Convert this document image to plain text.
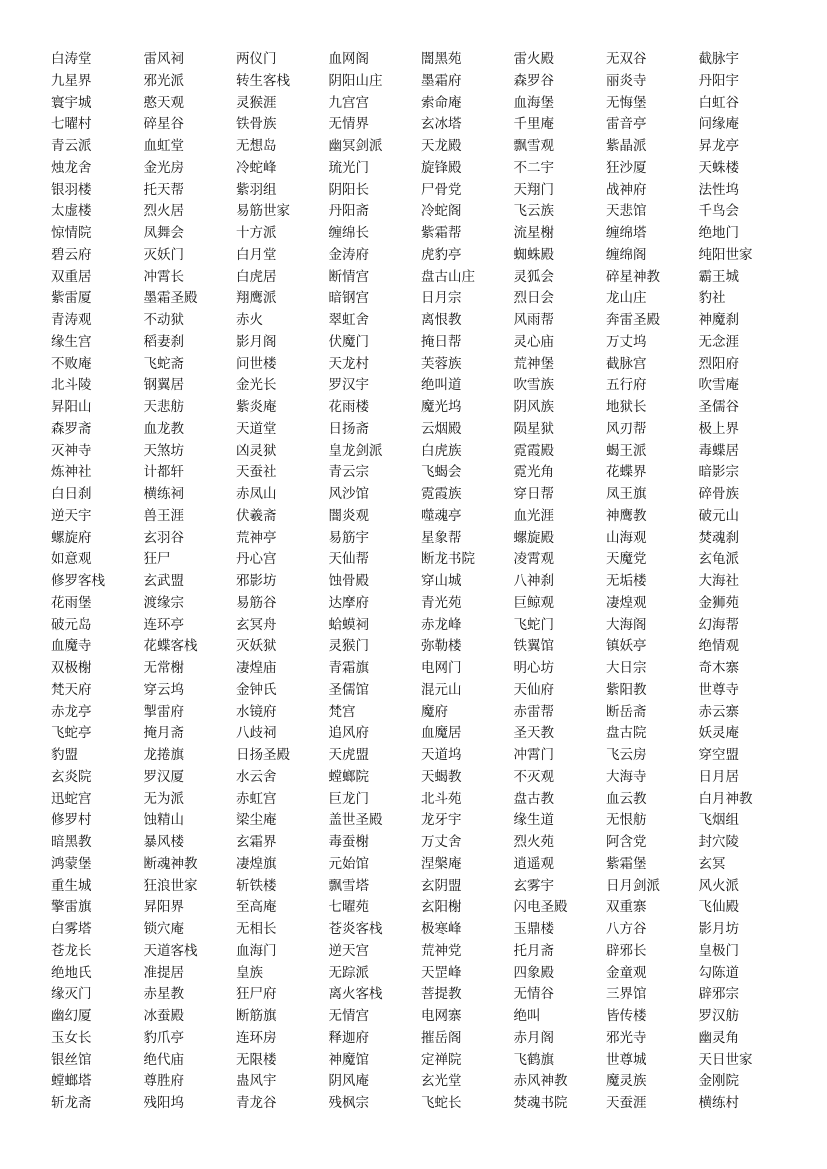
白涛堂	雷风祠	两仪门	血网阁	闇黑苑	雷火殿	无双谷	截脉宇
九星界	邪光派	转生客栈	阴阳山庄	墨霜府	森罗谷	丽炎寺	丹阳宇
寰宇城	憨天观	灵猴涯	九宫宫	索命庵	血海堡	无悔堡	白虹谷
七曜村	碎星谷	铁骨族	无情界	玄冰塔	千里庵	雷音亭	问缘庵
青云派	血虹堂	无想岛	幽冥剑派	天龙殿	飘雪观	紫晶派	昇龙亭
烛龙舍	金光房	冷蛇峰	琉光门	旋锋殿	不二宇	狂沙厦	天蛛楼
银羽楼	托天帮	紫羽组	阴阳长	尸骨党	天翔门	战神府	法性坞
太虚楼	烈火居	易筋世家	丹阳斋	冷蛇阁	飞云族	天悲馆	千鸟会
惊情院	凤舞会	十方派	缠绵长	紫霜帮	流星榭	缠绵塔	绝地门
碧云府	灭妖门	白月堂	金涛府	虎豹亭	蜘蛛殿	缠绵阁	纯阳世家
双重居	冲霄长	白虎居	断情宫	盘古山庄	灵狐会	碎星神教	霸王城
紫雷厦	墨霜圣殿	翔鹰派	暗钢宫	日月宗	烈日会	龙山庄	豹社
青涛观	不动狱	赤火	翠虹舍	离恨教	风雨帮	奔雷圣殿	神魔刹
缘生宫	稻妻刹	影月阁	伏魔门	掩日帮	灵心庙	万丈坞	无念涯
不败庵	飞蛇斋	问世楼	天龙村	芙蓉族	荒神堡	截脉宫	烈阳府
北斗陵	钢翼居	金光长	罗汉宇	绝叫道	吹雪族	五行府	吹雪庵
昇阳山	天悲舫	紫炎庵	花雨楼	魔光坞	阴风族	地狱长	圣儒谷
森罗斋	血龙教	天道堂	日扬斋	云烟殿	陨星狱	风刃帮	极上界
灭神寺	天煞坊	凶灵狱	皇龙剑派	白虎族	霓霞殿	蝎王派	毒蝶居
炼神社	计都轩	天蚕社	青云宗	飞蝎会	霓光角	花蝶界	暗影宗
白日刹	横练祠	赤凤山	风沙馆	霓霞族	穿日帮	凤王旗	碎骨族
逆天宇	兽王涯	伏羲斋	闇炎观	噬魂亭	血光涯	神鹰教	破元山
螺旋府	玄羽谷	荒神亭	易筋宇	星象帮	螺旋殿	山海观	焚魂刹
如意观	狂尸	丹心宫	天仙帮	断龙书院	凌霄观	天魔党	玄龟派
修罗客栈	玄武盟	邪影坊	蚀骨殿	穿山城	八神刹	无垢楼	大海社
花雨堡	渡缘宗	易筋谷	达摩府	青光苑	巨鲸观	凄煌观	金狮苑
破元岛	连环亭	玄冥舟	蛤蟆祠	赤龙峰	飞蛇门	大海阁	幻海帮
血魔寺	花蝶客栈	灭妖狱	灵猴门	弥勒楼	铁翼馆	镇妖亭	绝情观
双极榭	无常榭	凄煌庙	青霜旗	电网门	明心坊	大日宗	奇木寨
梵天府	穿云坞	金钟氏	圣儒馆	混元山	天仙府	紫阳教	世尊寺
赤龙亭	掣雷府	水镜府	梵宫	魔府	赤雷帮	断岳斋	赤云寨
飞蛇亭	掩月斋	八歧祠	追风府	血魔居	圣天教	盘古院	妖灵庵
豹盟	龙捲旗	日扬圣殿	天虎盟	天道坞	冲霄门	飞云房	穿空盟
玄炎院	罗汉厦	水云舍	螳螂院	天蝎教	不灭观	大海寺	日月居
迅蛇宫	无为派	赤虹宫	巨龙门	北斗苑	盘古教	血云教	白月神教
修罗村	蚀精山	梁尘庵	盖世圣殿	龙牙宇	缘生道	无恨舫	飞烟组
暗黑教	暴风楼	玄霜界	毒蚕榭	万丈舍	烈火苑	阿含党	封穴陵
鸿蒙堡	断魂神教	凄煌旗	元始馆	涅槃庵	逍遥观	紫霜堡	玄冥
重生城	狂浪世家	斩铁楼	飘雪塔	玄阴盟	玄雾宇	日月剑派	风火派
擎雷旗	昇阳界	至高庵	七曜苑	玄阳榭	闪电圣殿	双重寨	飞仙殿
白雾塔	锁穴庵	无相长	苍炎客栈	极寒峰	玉鼎楼	八方谷	影月坊
苍龙长	天道客栈	血海门	逆天宫	荒神党	托月斋	辟邪长	皇极门
绝地氏	准提居	皇族	无踪派	天罡峰	四象殿	金童观	勾陈道
缘灭门	赤星教	狂尸府	离火客栈	菩提教	无情谷	三界馆	辟邪宗
幽幻厦	冰蚕殿	断筋旗	无情宫	电网寨	绝叫	皆传楼	罗汉舫
玉女长	豹爪亭	连环房	释迦府	摧岳阁	赤月阁	邪光寺	幽灵角
银丝馆	绝代庙	无限楼	神魔馆	定禅院	飞鹤旗	世尊城	天日世家
螳螂塔	尊胜府	蛊风宇	阴风庵	玄光堂	赤风神教	魔灵族	金刚院
斩龙斋	残阳坞	青龙谷	残枫宗	飞蛇长	焚魂书院	天蚕涯	横练村
